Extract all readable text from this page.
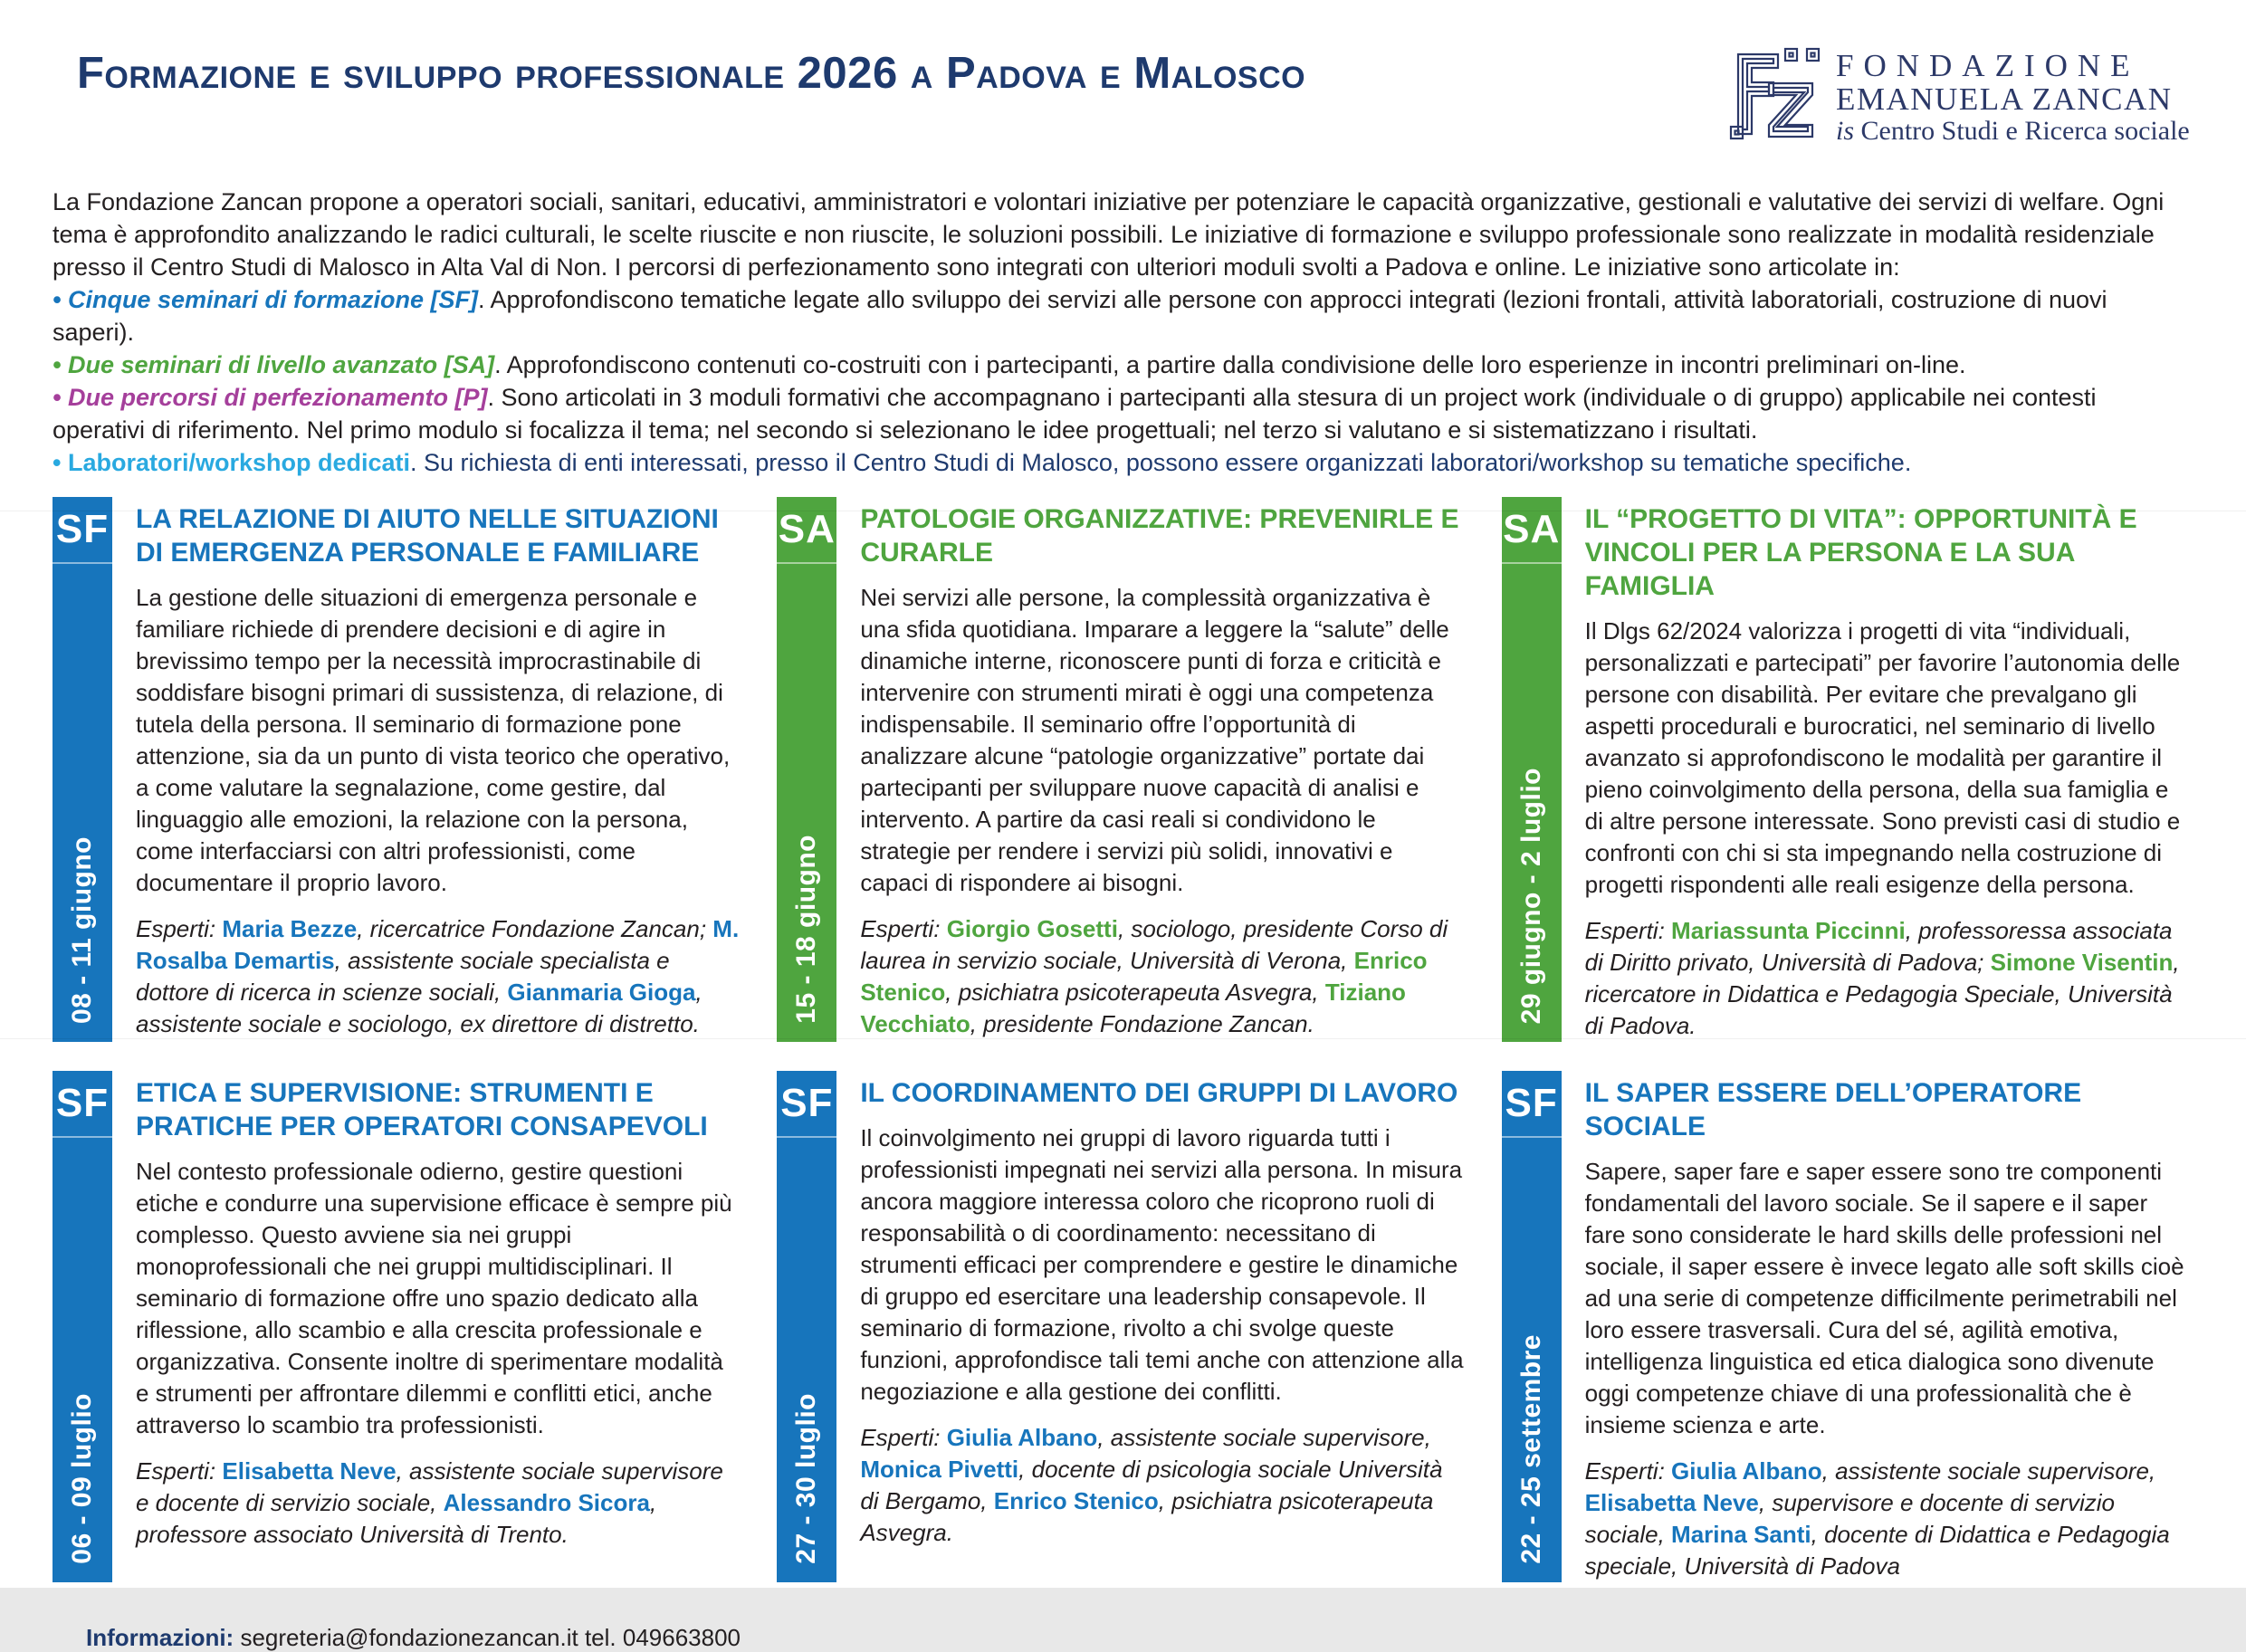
Formazione e sviluppo professionale 2026 a Padova e Malosco	FONDAZIONE
EMANUELA ZANCAN
is Centro Studi e Ricerca sociale

La Fondazione Zancan propone a operatori sociali, sanitari, educativi, amministratori e volontari iniziative per potenziare le capacità organizzative, gestionali e valutative dei servizi di welfare. Ogni tema è approfondito analizzando le radici culturali, le scelte riuscite e non riuscite, le soluzioni possibili. Le iniziative di formazione e sviluppo professionale sono realizzate in modalità residenziale presso il Centro Studi di Malosco in Alta Val di Non. I percorsi di perfezionamento sono integrati con ulteriori moduli svolti a Padova e online. Le iniziative sono articolate in:

• Cinque seminari di formazione [SF]. Approfondiscono tematiche legate allo sviluppo dei servizi alle persone con approcci integrati (lezioni frontali, attività laboratoriali, costruzione di nuovi saperi).

• Due seminari di livello avanzato [SA]. Approfondiscono contenuti co-costruiti con i partecipanti, a partire dalla condivisione delle loro esperienze in incontri preliminari on-line.

• Due percorsi di perfezionamento [P]. Sono articolati in 3 moduli formativi che accompagnano i partecipanti alla stesura di un project work (individuale o di gruppo) applicabile nei contesti operativi di riferimento. Nel primo modulo si focalizza il tema; nel secondo si selezionano le idee progettuali; nel terzo si valutano e si sistematizzano i risultati.

• Laboratori/workshop dedicati. Su richiesta di enti interessati, presso il Centro Studi di Malosco, possono essere organizzati laboratori/workshop su tematiche specifiche.

SF
08 - 11 giugno
LA RELAZIONE DI AIUTO NELLE SITUAZIONI DI EMERGENZA PERSONALE E FAMILIARE

La gestione delle situazioni di emergenza personale e familiare richiede di prendere decisioni e di agire in brevissimo tempo per la necessità improcrastinabile di soddisfare bisogni primari di sussistenza, di relazione, di tutela della persona. Il seminario di formazione pone attenzione, sia da un punto di vista teorico che operativo, a come valutare la segnalazione, come gestire, dal linguaggio alle emozioni, la relazione con la persona, come interfacciarsi con altri professionisti, come documentare il proprio lavoro.

Esperti: Maria Bezze, ricercatrice Fondazione Zancan; M. Rosalba Demartis, assistente sociale specialista e dottore di ricerca in scienze sociali, Gianmaria Gioga, assistente sociale e sociologo, ex direttore di distretto.

SA
15 - 18 giugno
PATOLOGIE ORGANIZZATIVE: PREVENIRLE E CURARLE

Nei servizi alle persone, la complessità organizzativa è una sfida quotidiana. Imparare a leggere la “salute” delle dinamiche interne, riconoscere punti di forza e criticità e intervenire con strumenti mirati è oggi una competenza indispensabile. Il seminario offre l’opportunità di analizzare alcune “patologie organizzative” portate dai partecipanti per sviluppare nuove capacità di analisi e intervento. A partire da casi reali si condividono le strategie per rendere i servizi più solidi, innovativi e capaci di rispondere ai bisogni.

Esperti: Giorgio Gosetti, sociologo, presidente Corso di laurea in servizio sociale, Università di Verona, Enrico Stenico, psichiatra psicoterapeuta Asvegra, Tiziano Vecchiato, presidente Fondazione Zancan.

SA
29 giugno - 2 luglio
IL “PROGETTO DI VITA”: OPPORTUNITÀ E VINCOLI PER LA PERSONA E LA SUA FAMIGLIA

Il Dlgs 62/2024 valorizza i progetti di vita “individuali, personalizzati e partecipati” per favorire l’autonomia delle persone con disabilità. Per evitare che prevalgano gli aspetti procedurali e burocratici, nel seminario di livello avanzato si approfondiscono le modalità per garantire il pieno coinvolgimento della persona, della sua famiglia e di altre persone interessate. Sono previsti casi di studio e confronti con chi si sta impegnando nella costruzione di progetti rispondenti alle reali esigenze della persona.

Esperti: Mariassunta Piccinni, professoressa associata di Diritto privato, Università di Padova; Simone Visentin, ricercatore in Didattica e Pedagogia Speciale, Università di Padova.

SF
06 - 09 luglio
ETICA E SUPERVISIONE: STRUMENTI E PRATICHE PER OPERATORI CONSAPEVOLI

Nel contesto professionale odierno, gestire questioni etiche e condurre una supervisione efficace è sempre più complesso. Questo avviene sia nei gruppi monoprofessionali che nei gruppi multidisciplinari. Il seminario di formazione offre uno spazio dedicato alla riflessione, allo scambio e alla crescita professionale e organizzativa. Consente inoltre di sperimentare modalità e strumenti per affrontare dilemmi e conflitti etici, anche attraverso lo scambio tra professionisti.

Esperti: Elisabetta Neve, assistente sociale supervisore e docente di servizio sociale, Alessandro Sicora, professore associato Università di Trento.

SF
27 - 30 luglio
IL COORDINAMENTO DEI GRUPPI DI LAVORO

Il coinvolgimento nei gruppi di lavoro riguarda tutti i professionisti impegnati nei servizi alla persona. In misura ancora maggiore interessa coloro che ricoprono ruoli di responsabilità o di coordinamento: necessitano di strumenti efficaci per comprendere e gestire le dinamiche di gruppo ed esercitare una leadership consapevole. Il seminario di formazione, rivolto a chi svolge queste funzioni, approfondisce tali temi anche con attenzione alla negoziazione e alla gestione dei conflitti.

Esperti: Giulia Albano, assistente sociale supervisore, Monica Pivetti, docente di psicologia sociale Università di Bergamo, Enrico Stenico, psichiatra psicoterapeuta Asvegra.

SF
22 - 25 settembre
IL SAPER ESSERE DELL’OPERATORE SOCIALE

Sapere, saper fare e saper essere sono tre componenti fondamentali del lavoro sociale. Se il sapere e il saper fare sono considerate le hard skills delle professioni nel sociale, il saper essere è invece legato alle soft skills cioè ad una serie di competenze difficilmente perimetrabili nel loro essere trasversali. Cura del sé, agilità emotiva, intelligenza linguistica ed etica dialogica sono divenute oggi competenze chiave di una professionalità che è insieme scienza e arte.

Esperti: Giulia Albano, assistente sociale supervisore, Elisabetta Neve, supervisore e docente di servizio sociale, Marina Santi, docente di Didattica e Pedagogia speciale, Università di Padova

Informazioni: segreteria@fondazionezancan.it tel. 049663800
